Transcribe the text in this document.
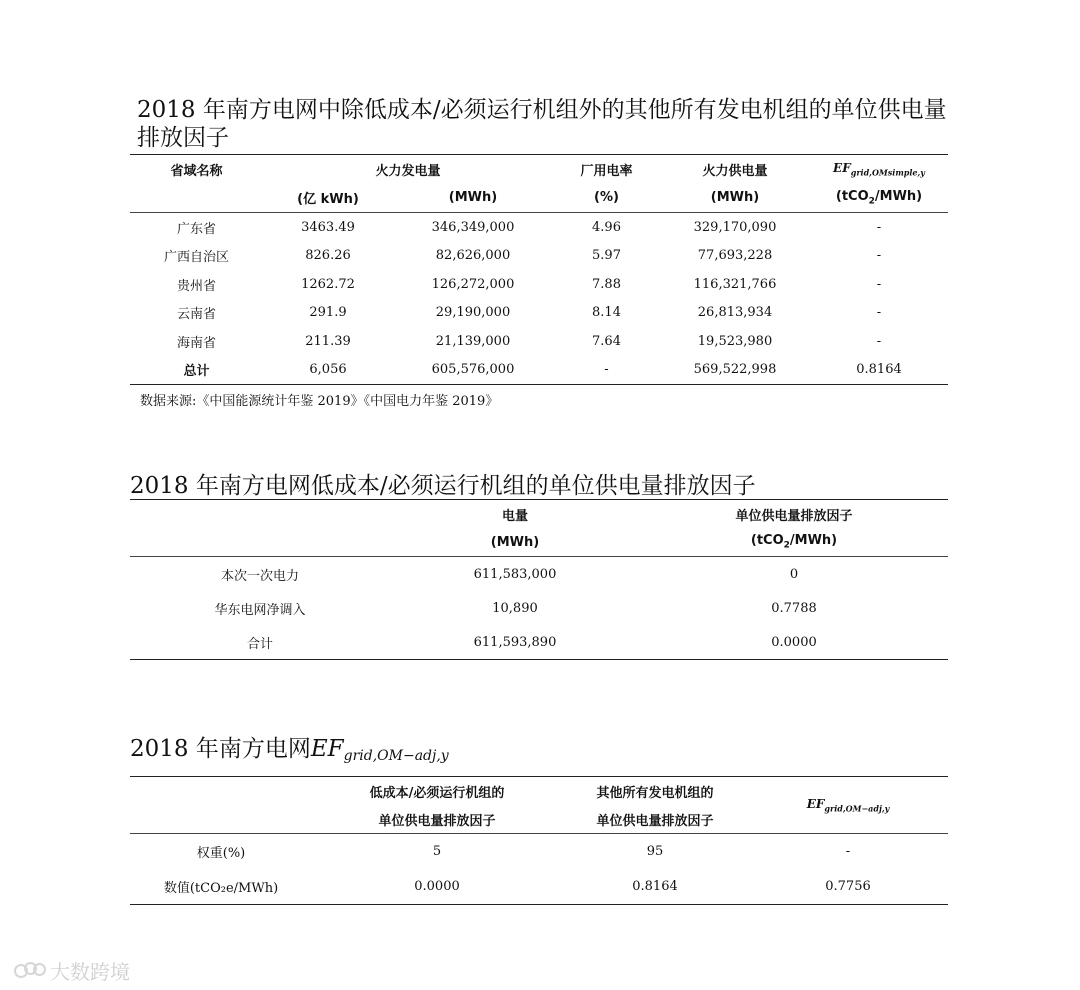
2018 年南方电网中除低成本/必须运行机组外的其他所有发电机组的单位供电量排放因子
省域名称	火力发电量		厂用电率	火力供电量	$EF_{grid,OMsimple,y}$
	(亿 kWh)	(MWh)	(%)	(MWh)	(tCO$_2$/MWh)
广东省	3463.49	346,349,000	4.96	329,170,090	-
广西自治区	826.26	82,626,000	5.97	77,693,228	-
贵州省	1262.72	126,272,000	7.88	116,321,766	-
云南省	291.9	29,190,000	8.14	26,813,934	-
海南省	211.39	21,139,000	7.64	19,523,980	-
总计	6,056	605,576,000	-	569,522,998	0.8164
数据来源:《中国能源统计年鉴 2019》《中国电力年鉴 2019》
2018 年南方电网低成本/必须运行机组的单位供电量排放因子
	电量	单位供电量排放因子
	(MWh)	(tCO$_2$/MWh)
本次一次电力	611,583,000	0
华东电网净调入	10,890	0.7788
合计	611,593,890	0.0000
2018 年南方电网$EF_{grid,OM-adj,y}$
	低成本/必须运行机组的	其他所有发电机组的	$EF_{grid,OM-adj,y}$
	单位供电量排放因子	单位供电量排放因子	
权重(%)	5	95	-
数值(tCO₂e/MWh)	0.0000	0.8164	0.7756
大数跨境
